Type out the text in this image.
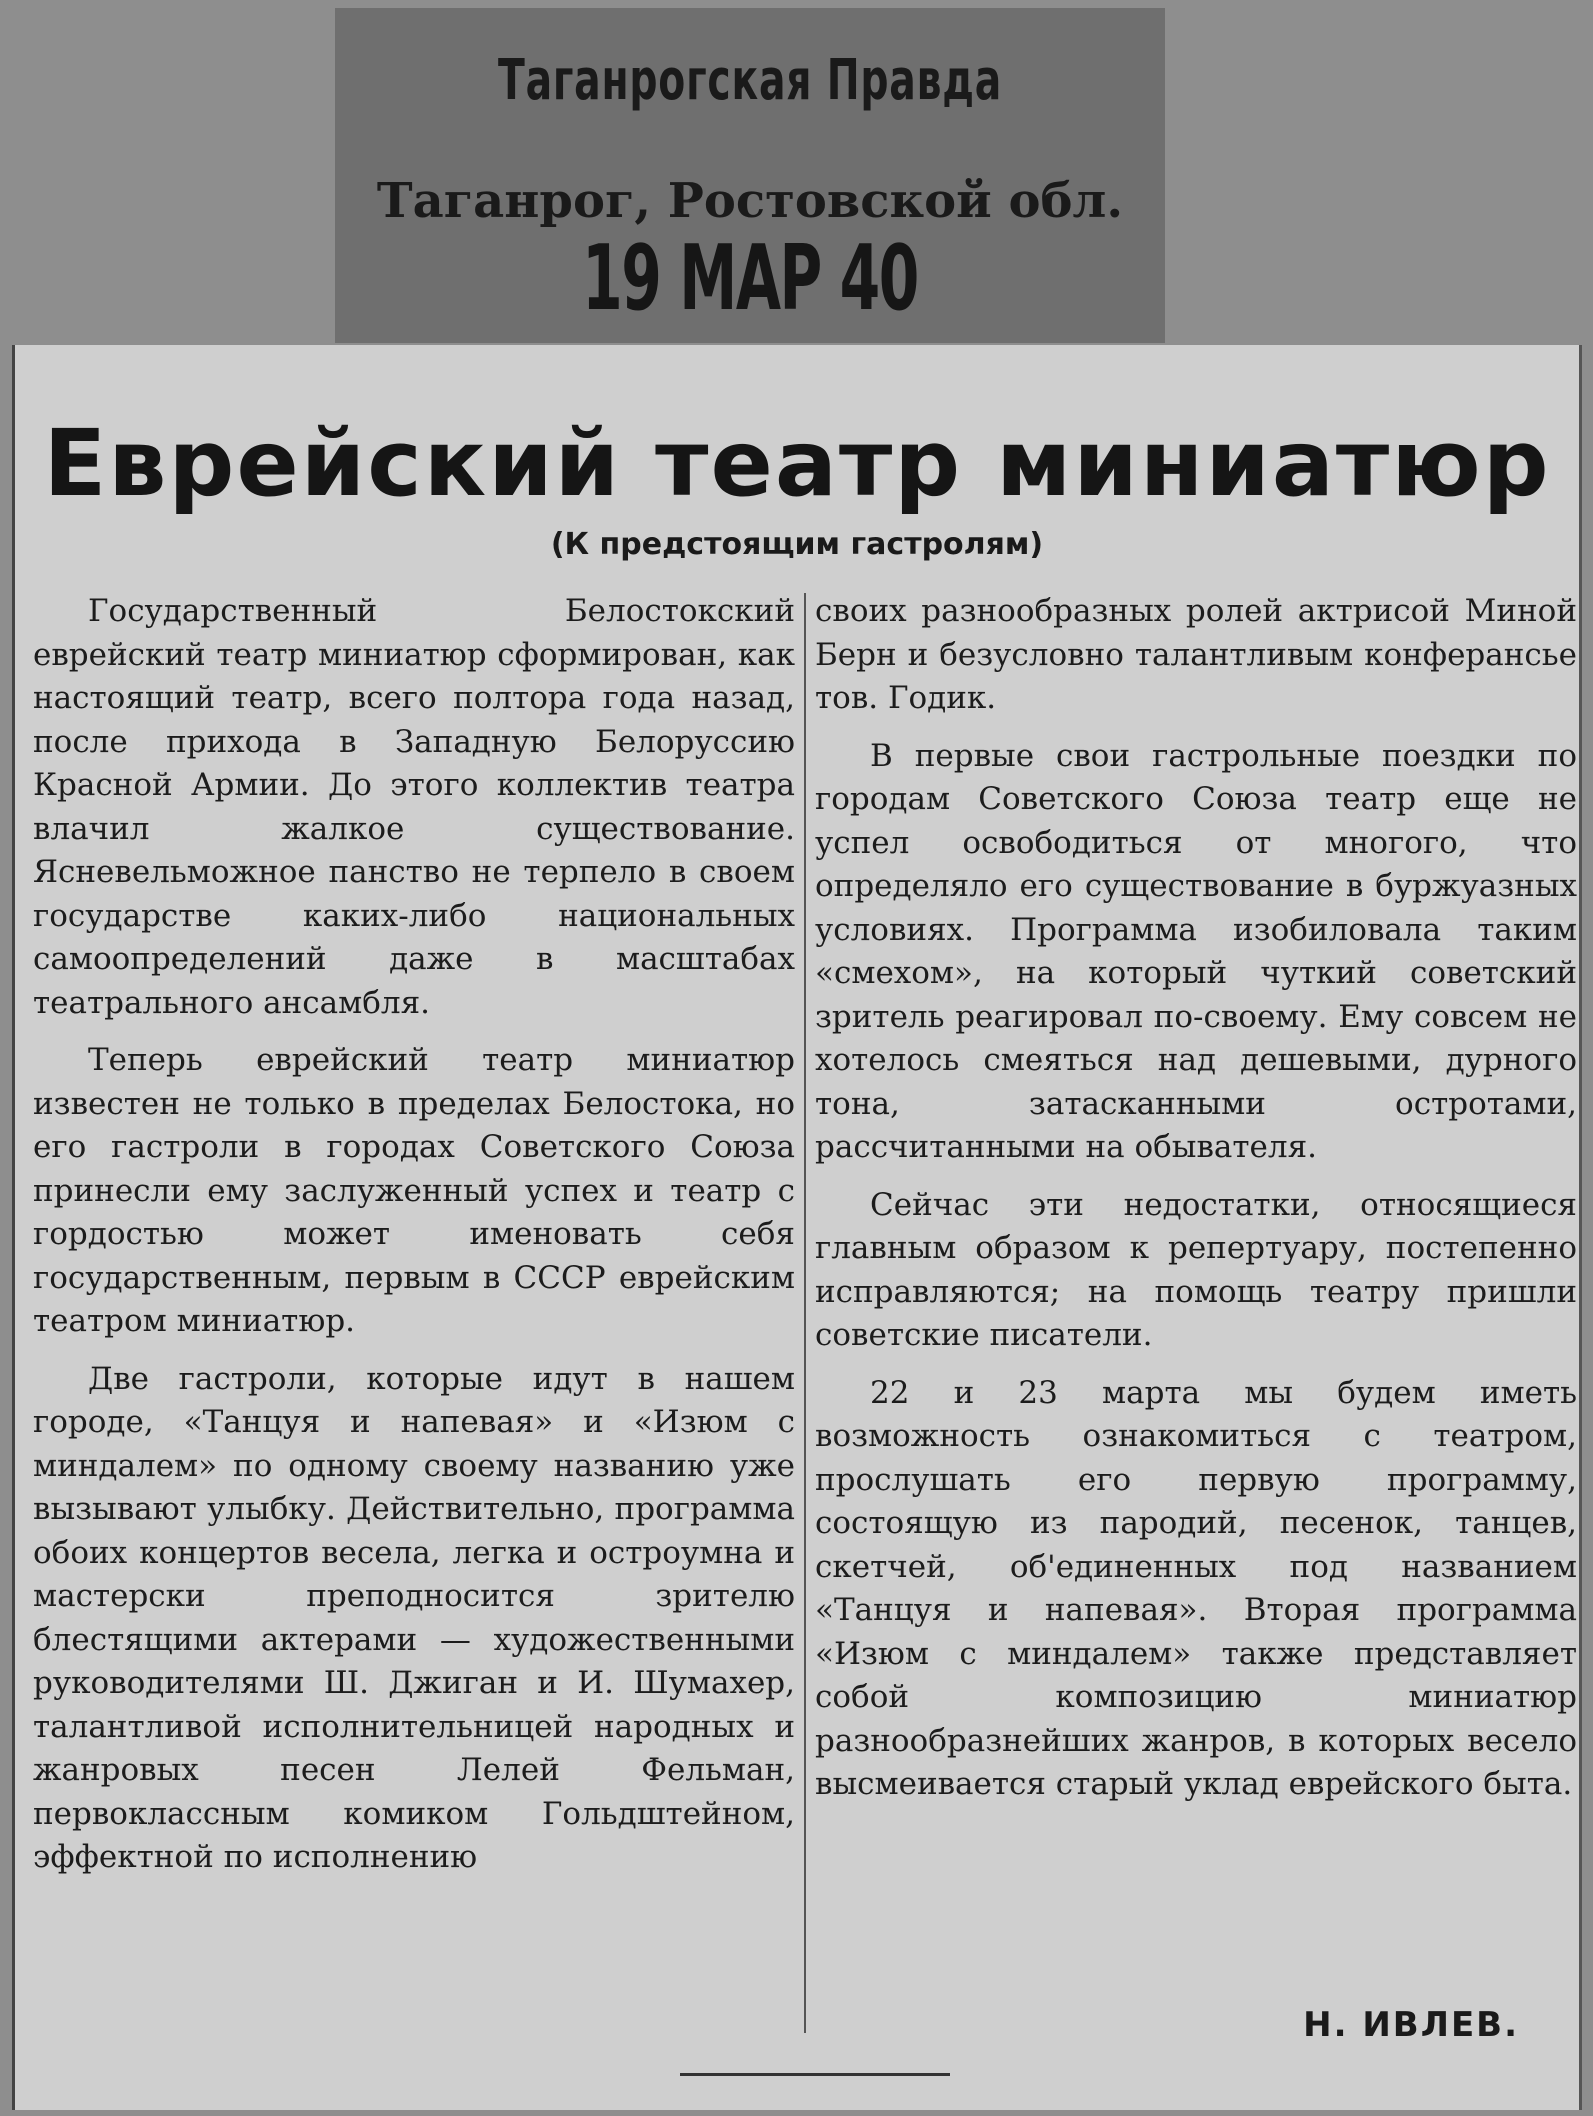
Таганрогская Правда
Таганрог, Ростовской обл.
19 МАР 40
Еврейский театр миниатюр
(К предстоящим гастролям)

Государственный Белостокский еврейский театр миниатюр сформирован, как настоящий театр, всего полтора года назад, после прихода в Западную Белоруссию Красной Армии. До этого коллектив театра влачил жалкое существование. Ясневельможное панство не терпело в своем государстве каких-либо национальных самоопределений даже в масштабах театрального ансамбля.

Теперь еврейский театр миниатюр известен не только в пределах Белостока, но его гастроли в городах Советского Союза принесли ему заслуженный успех и театр с гордостью может именовать себя государственным, первым в СССР еврейским театром миниатюр.

Две гастроли, которые идут в нашем городе, «Танцуя и напевая» и «Изюм с миндалем» по одному своему названию уже вызывают улыбку. Действительно, программа обоих концертов весела, легка и остроумна и мастерски преподносится зрителю блестящими актерами — художественными руководителями Ш. Джиган и И. Шумахер, талантливой исполнительницей народных и жанровых песен Лелей Фельман, первоклассным комиком Гольдштейном, эффектной по исполнению

своих разнообразных ролей актрисой Миной Берн и безусловно талантливым конферансье тов. Годик.

В первые свои гастрольные поездки по городам Советского Союза театр еще не успел освободиться от многого, что определяло его существование в буржуазных условиях. Программа изобиловала таким «смехом», на который чуткий советский зритель реагировал по-своему. Ему совсем не хотелось смеяться над дешевыми, дурного тона, затасканными остротами, рассчитанными на обывателя.

Сейчас эти недостатки, относящиеся главным образом к репертуару, постепенно исправляются; на помощь театру пришли советские писатели.

22 и 23 марта мы будем иметь возможность ознакомиться с театром, прослушать его первую программу, состоящую из пародий, песенок, танцев, скетчей, об'единенных под названием «Танцуя и напевая». Вторая программа «Изюм с миндалем» также представляет собой композицию миниатюр разнообразнейших жанров, в которых весело высмеивается старый уклад еврейского быта.

Н. ИВЛЕВ.
